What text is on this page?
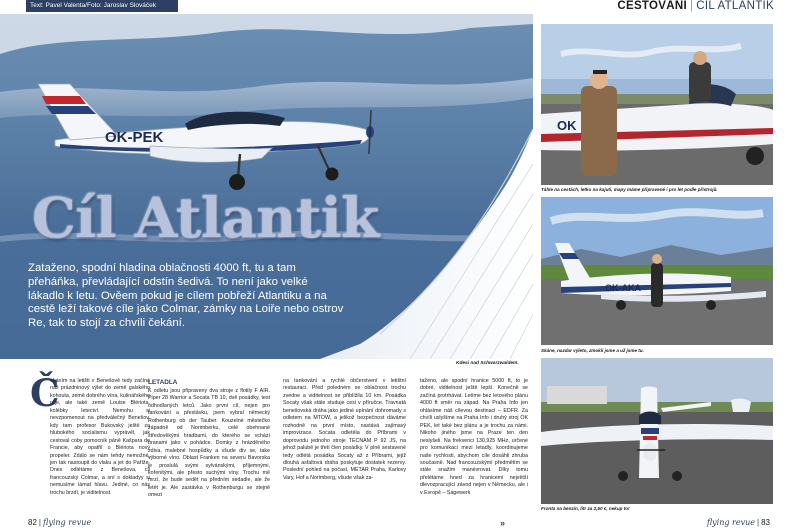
Text: Pavel Valenta/Foto: Jaroslav Slováček	CESTOVÁNÍ | CÍL ATLANTIK
OK-PEK
Cíl Atlantik
Zataženo, spodní hladina oblačnosti 4000 ft, tu a tam přeháňka, převládající odstín šedivá. To není jako velké lákadlo k letu. Ověem pokud je cílem pobřeží Atlantiku a na cestě leží takové cíle jako Colmar, zámky na Loiře nebo ostrov Re, tak to stojí za chvíli čekání.
Kdesi nad Schwarzwaldem.
OK
Táhle na cestách, letko na kajuti, mapy máme připravené i pro let podle přístrojů.
OK-AKA
Skáne, nazdar výleto, zmokli jsme a už jsme tu.
Fronta na benzín, litr za 2,50 €, nekup to!
Č
ekáním na letišti v Benešově tedy začíná náš prázdninový výlet do země galského kohouta, země dobrého vína, kulinářského ráje, ale také země Louise Blériota, kolébky letectví. Nemohu si nevzpomenout na předválečný Benešov, kdy tam profesor Bukovský ještě za hlubokého socialismu vyprávěl, jak cestoval coby pomocník páně Kašpara do Francie, aby opatřil u Blériota nový propeler. Zdálo se nám tehdy nemožné, jen tak nastoupit do vlaku a jet do Paříže. Dnes odlétáme z Benešova, cíl francouzský Colmar, a sní s dokladyy si nemusíme lámat hlavu. Jediné, co nás trochu brzdí, je viditelnost.
LETADLA
K odletu jsou připraveny dva stroje z flotily F AIR. Piper 28 Warrior a Socata TB 10, dvě posádky, test odhodlaných letců. Jako první cíl, nejen pro tankování a přestávku, jsem vybral německý Rothenburg ob der Tauber. Kouzelné městečko západně od Norimberku, celé obehnané středověkými hradbami, do kterého se vchází branami jako v pohádce. Domky z hrázděného zdiva, malebné hospůdky a všude div se, take výborné víno. Oblast Franken na severu Bavorska je proslulá svými sylvánskými, příjemnými, kořenitými, ale přesto suchými víny. Trochu mě mrzí, že bude sedět na předním sedadle, ale že letět je. Ale zastávka v Rothenburgu se stejně omezí
na tankování a rychlé občerstvení v letištní restauraci. Před poledném se oblačnost trochu zvedne a viditelnost se přiblížila 10 km. Posádka Socaty však stále studuje cesi v příručce. Travnatá benešovská dráha jako jediné upínání dohromady s odletem na MTOW, a jelikož bezpečnost dáváme rozhodně na první místo, nastává zajímavý improvizace. Socata odletěla do Příbrami v doprovodu jednoho stroje TECNAM P 92 JS, na jehož palubě je třetí člen posádky. V plně sestavené tedy odlétá posádka Socaty až z Příbrami, jejíž dlouhá asfaltová dráha poskytuje dostatek rezervy. Poslední pohled na počasí, METAR Praha, Karlovy Vary, Hof a Norimberg, všude však za-
taženo, ale spodní hranice 5000 ft, to je dobré, viditelnost ještě lepší. Konečně se začíná protrhávat. Letíme bez letového plánu 4000 ft směr na západ. Na Praha Info jen ohlásíme náš cílevou destinaci – EDFR. Za chvíli uslyšíme na Praha Info i druhý stroj OK PEK, let také bez plánu a je trochu za námi. Nikoho jiného jsme na Praze ten den neslyšeli. Na frekvenci 130,925 MHz, určené pro komunikaci mezi letadly, koordinujeme naše rychlosti, abychom cíle dosáhli zhruba současně. Nad francouzskými předmětím se stále snažím manévrovat. Díky tomu přelétáme hned za hranicemi největší dlevozpracující závod nejen v Německu, ale i v Evropě – Sägewerk
»
82 | flying revue	flying revue | 83
